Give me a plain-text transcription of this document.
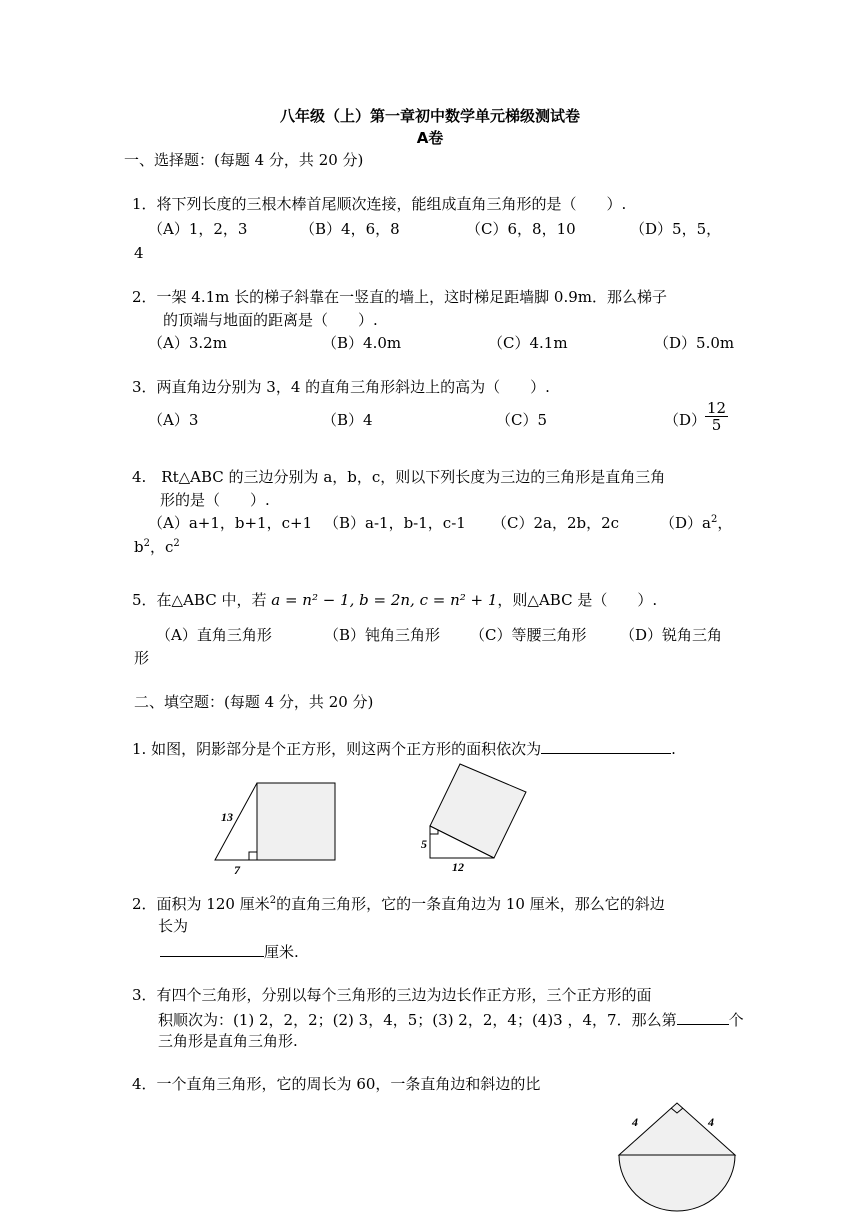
八年级（上）第一章初中数学单元梯级测试卷
A卷
一、选择题：(每题 4 分，共 20 分)
1．将下列长度的三根木棒首尾顺次连接，能组成直角三角形的是（　　）.
（A）1，2，3	（B）4，6，8	（C）6，8，10	（D）5，5，
4
2．一架 4.1m 长的梯子斜靠在一竖直的墙上，这时梯足距墙脚 0.9m．那么梯子
的顶端与地面的距离是（　　）.
（A）3.2m	（B）4.0m	（C）4.1m	（D）5.0m
3．两直角边分别为 3，4 的直角三角形斜边上的高为（　　）.
（A）3	（B）4	（C）5	（D）
$\frac{12}{5}$
4.　Rt△ABC 的三边分别为 a，b，c，则以下列长度为三边的三角形是直角三角
形的是（　　）.
（A）a+1，b+1，c+1 （B）a-1，b-1，c-1 （C）2a，2b，2c	$(D)a^2$，
$b^2$，$c^2$
5．在△ABC 中，若 a = n² − 1, b = 2n, c = n² + 1，则△ABC 是（　　）.
（A）直角三角形	（B）钝角三角形 （C）等腰三角形 （D）锐角三角
形
二、填空题：(每题 4 分，共 20 分)
1. 如图，阴影部分是个正方形，则这两个正方形的面积依次为	.
13
7
5
12
2．面积为 120 厘米$^2$的直角三角形，它的一条直角边为 10 厘米，那么它的斜边
长为
厘米.
3．有四个三角形，分别以每个三角形的三边为边长作正方形，三个正方形的面
积顺次为：(1) 2，2，2；(2) 3，4，5；(3) 2，2，4；(4)3 ，4，7．那么第	个
三角形是直角三角形.
4．一个直角三角形，它的周长为 60，一条直角边和斜边的比
4	4
